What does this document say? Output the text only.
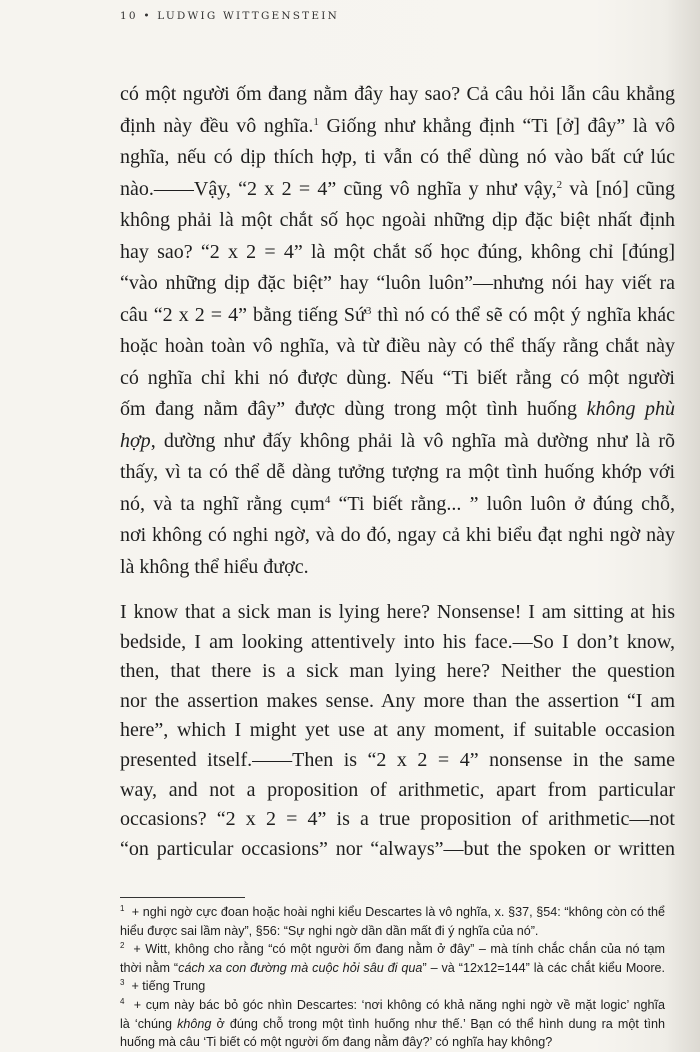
10 • LUDWIG WITTGENSTEIN
có một người ốm đang nằm đây hay sao? Cả câu hỏi lẫn câu khẳng
định này đều vô nghĩa.$^1$ Giống như khẳng định “Ti [ở] đây” là vô
nghĩa, nếu có dịp thích hợp, ti vẫn có thể dùng nó vào bất cứ lúc
nào.——Vậy, “2 x 2 = 4” cũng vô nghĩa y như vậy,$^2$ và [nó] cũng
không phải là một chắt số học ngoài những dịp đặc biệt nhất định
hay sao? “2 x 2 = 4” là một chắt số học đúng, không chỉ [đúng]
“vào những dịp đặc biệt” hay “luôn luôn”—nhưng nói hay viết ra
câu “2 x 2 = 4” bằng tiếng Sứ$^3$ thì nó có thể sẽ có một ý nghĩa khác
hoặc hoàn toàn vô nghĩa, và từ điều này có thể thấy rằng chắt này
có nghĩa chỉ khi nó được dùng. Nếu “Ti biết rằng có một người
ốm đang nằm đây” được dùng trong một tình huống không phù
hợp, dường như đấy không phải là vô nghĩa mà dường như là rõ
thấy, vì ta có thể dễ dàng tưởng tượng ra một tình huống khớp với
nó, và ta nghĩ rằng cụm$^4$ “Ti biết rằng... ” luôn luôn ở đúng chỗ,
nơi không có nghi ngờ, và do đó, ngay cả khi biểu đạt nghi ngờ này
là không thể hiểu được.
I know that a sick man is lying here? Nonsense! I am sitting at his
bedside, I am looking attentively into his face.—So I don’t know,
then, that there is a sick man lying here? Neither the question
nor the assertion makes sense. Any more than the assertion “I am
here”, which I might yet use at any moment, if suitable occasion
presented itself.——Then is “2 x 2 = 4” nonsense in the same
way, and not a proposition of arithmetic, apart from particular
occasions? “2 x 2 = 4” is a true proposition of arithmetic—not
“on particular occasions” nor “always”—but the spoken or written
$^1$  + nghi ngờ cực đoan hoặc hoài nghi kiểu Descartes là vô nghĩa, x. §37, §54: “không còn có thể
hiểu được sai lầm này”, §56: “Sự nghi ngờ dần dần mất đi ý nghĩa của nó”.
$^2$  + Witt, không cho rằng “có một người ốm đang nằm ở đây” – mà tính chắc chắn của nó tạm
thời nằm “cách xa con đường mà cuộc hỏi sâu đi qua” – và “12x12=144” là các chắt kiểu Moore.
$^3$  + tiếng Trung
$^4$  + cụm này bác bỏ góc nhìn Descartes: ‘nơi không có khả năng nghi ngờ về mặt logic’ nghĩa
là ‘chúng không ở đúng chỗ trong một tình huống như thế.’ Bạn có thể hình dung ra một tình
huống mà câu ‘Ti biết có một người ốm đang nằm đây?’ có nghĩa hay không?
